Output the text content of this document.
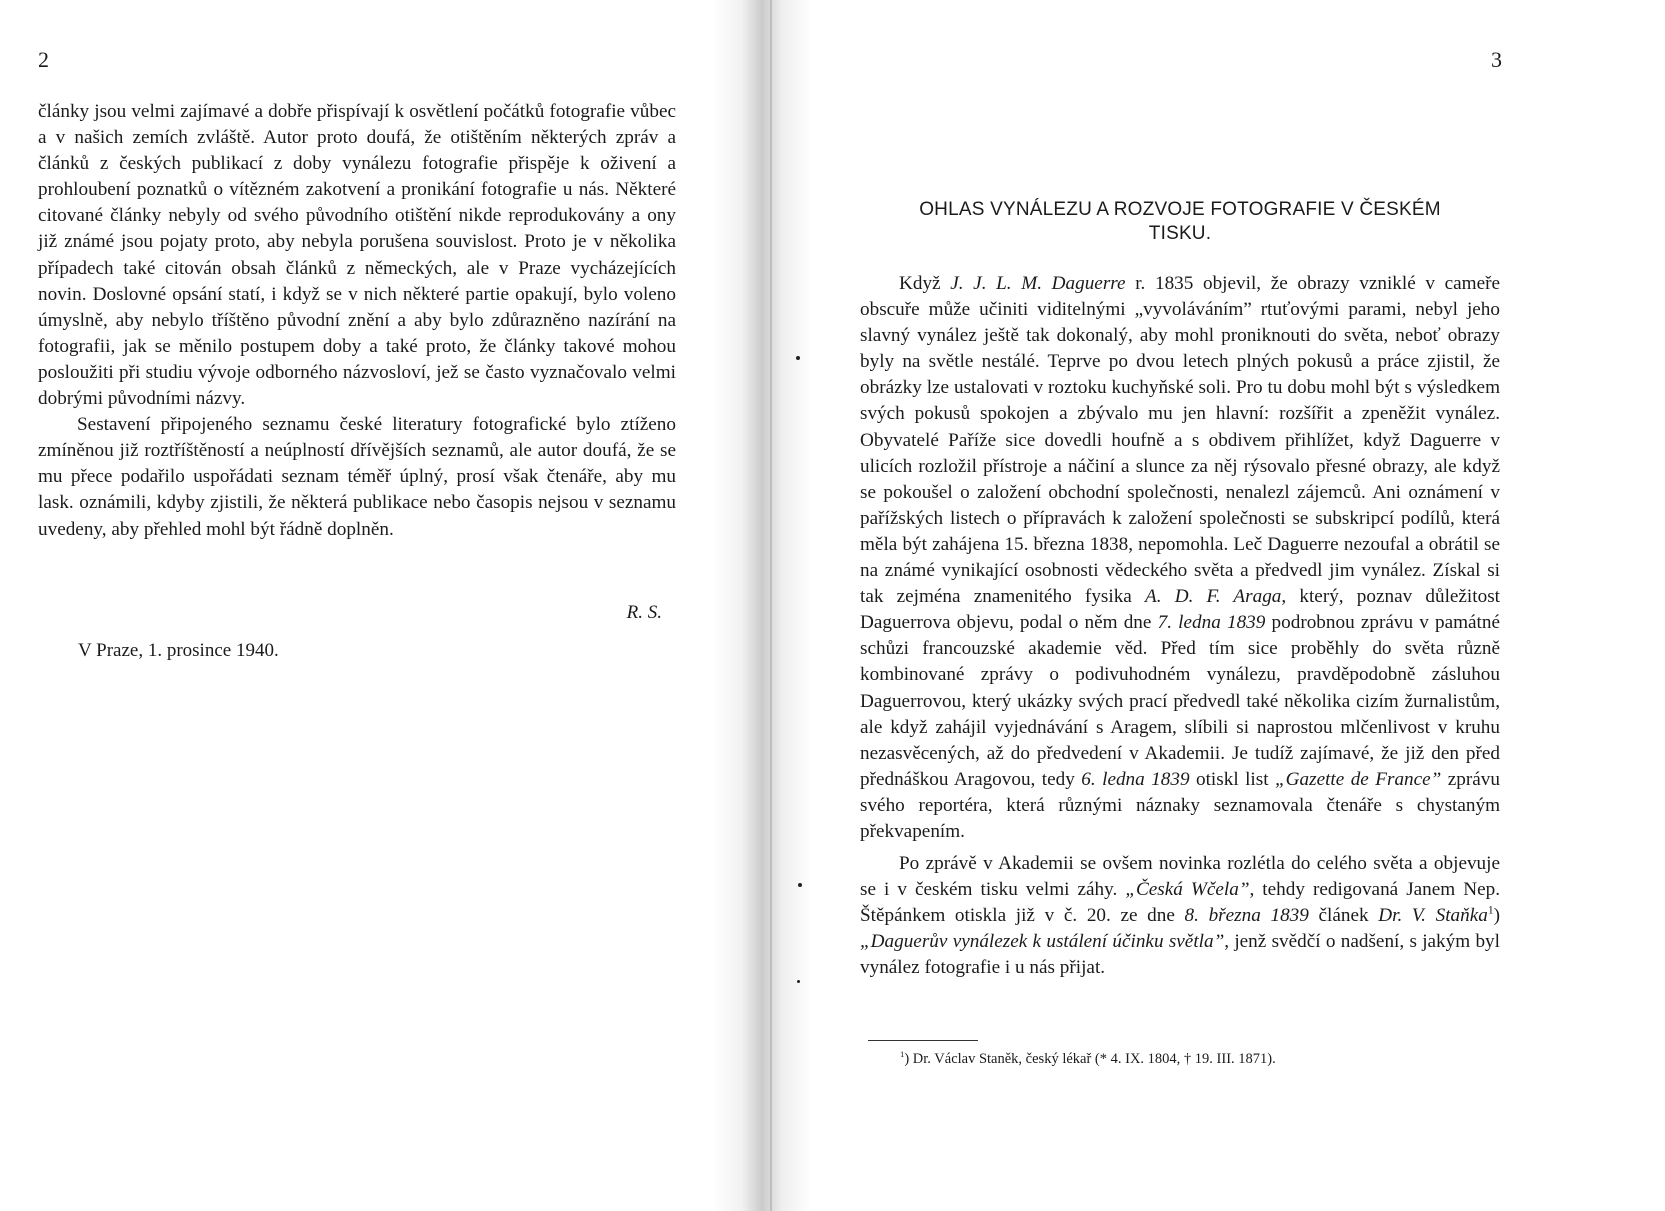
2

články jsou velmi zajímavé a dobře přispívají k osvětlení počátků fotografie vůbec a v našich zemích zvláště. Autor proto doufá, že otištěním některých zpráv a článků z českých publikací z doby vynálezu fotografie přispěje k oživení a prohloubení poznatků o vítězném zakotvení a pronikání fotografie u nás. Některé citované články nebyly od svého původního otištění nikde reprodukovány a ony již známé jsou pojaty proto, aby nebyla porušena souvislost. Proto je v několika případech také citován obsah článků z německých, ale v Praze vycházejících novin. Doslovné opsání statí, i když se v nich některé partie opakují, bylo voleno úmyslně, aby nebylo tříštěno původní znění a aby bylo zdůrazněno nazírání na fotografii, jak se měnilo postupem doby a také proto, že články takové mohou posloužiti při studiu vývoje odborného názvosloví, jež se často vyznačovalo velmi dobrými původními názvy.

Sestavení připojeného seznamu české literatury fotografické bylo ztíženo zmíněnou již roztříštěností a neúplností dřívějších seznamů, ale autor doufá, že se mu přece podařilo uspořádati seznam téměř úplný, prosí však čtenáře, aby mu lask. oznámili, kdyby zjistili, že některá publikace nebo časopis nejsou v seznamu uvedeny, aby přehled mohl být řádně doplněn.

R. S.
V Praze, 1. prosince 1940.
3
OHLAS VYNÁLEZU A ROZVOJE FOTOGRAFIE V ČESKÉM
TISKU.

Když J. J. L. M. Daguerre r. 1835 objevil, že obrazy vzniklé v cameře obscuře může učiniti viditelnými „vyvoláváním” rtuťovými parami, nebyl jeho slavný vynález ještě tak dokonalý, aby mohl proniknouti do světa, neboť obrazy byly na světle nestálé. Teprve po dvou letech plných pokusů a práce zjistil, že obrázky lze ustalovati v roztoku kuchyňské soli. Pro tu dobu mohl být s výsledkem svých pokusů spokojen a zbývalo mu jen hlavní: rozšířit a zpeněžit vynález. Obyvatelé Paříže sice dovedli houfně a s obdivem přihlížet, když Daguerre v ulicích rozložil přístroje a náčiní a slunce za něj rýsovalo přesné obrazy, ale když se pokoušel o založení obchodní společnosti, nenalezl zájemců. Ani oznámení v pařížských listech o přípravách k založení společnosti se subskripcí podílů, která měla být zahájena 15. března 1838, nepomohla. Leč Daguerre nezoufal a obrátil se na známé vynikající osobnosti vědeckého světa a předvedl jim vynález. Získal si tak zejména znamenitého fysika A. D. F. Araga, který, poznav důležitost Daguerrova objevu, podal o něm dne 7. ledna 1839 podrobnou zprávu v památné schůzi francouzské akademie věd. Před tím sice proběhly do světa různě kombinované zprávy o podivuhodném vynálezu, pravděpodobně zásluhou Daguerrovou, který ukázky svých prací předvedl také několika cizím žurnalistům, ale když zahájil vyjednávání s Aragem, slíbili si naprostou mlčenlivost v kruhu nezasvěcených, až do předvedení v Akademii. Je tudíž zajímavé, že již den před přednáškou Aragovou, tedy 6. ledna 1839 otiskl list „Gazette de France” zprávu svého reportéra, která různými náznaky seznamovala čtenáře s chystaným překvapením.

Po zprávě v Akademii se ovšem novinka rozlétla do celého světa a objevuje se i v českém tisku velmi záhy. „Česká Wčela”, tehdy redigovaná Janem Nep. Štěpánkem otiskla již v č. 20. ze dne 8. března 1839 článek Dr. V. Staňka$^1$) „Daguerův vynálezek k ustálení účinku světla”, jenž svědčí o nadšení, s jakým byl vynález fotografie i u nás přijat.

$^1$) Dr. Václav Staněk, český lékař (* 4. IX. 1804, † 19. III. 1871).
